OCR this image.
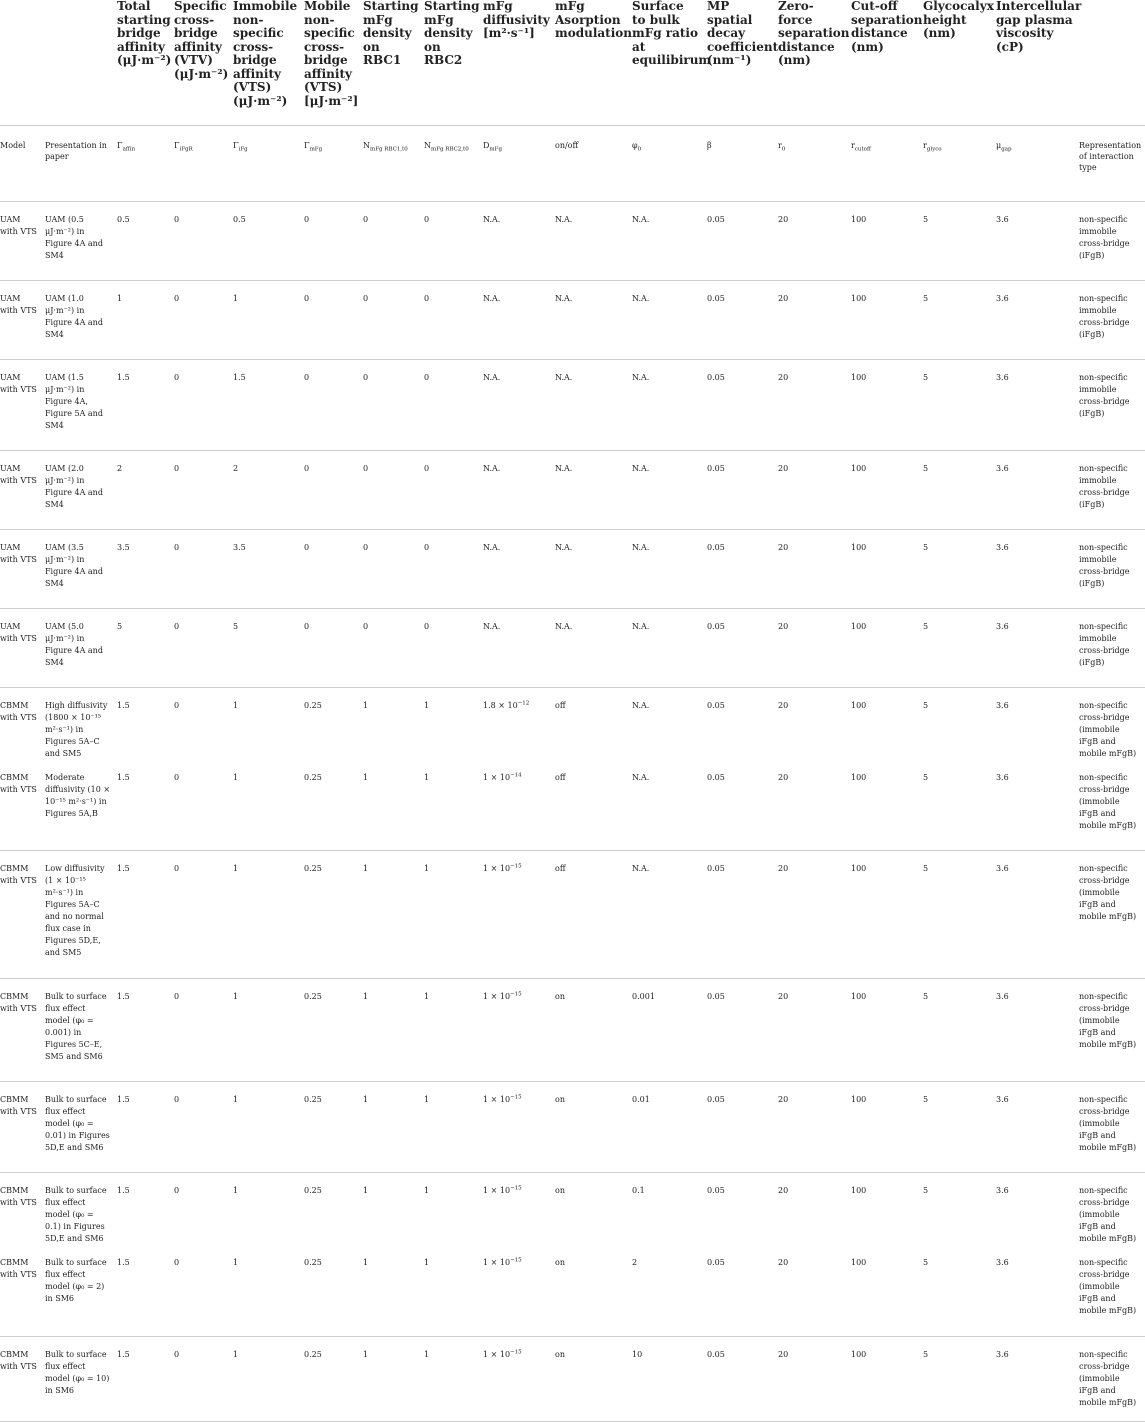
		Total starting bridge affinity (μJ·m⁻²)	Specific cross-bridge affinity (VTV) (μJ·m⁻²)	Immobile non-specific cross-bridge affinity (VTS) (μJ·m⁻²)	Mobile non-specific cross-bridge affinity (VTS) [μJ·m⁻²]	Starting mFg density on RBC1	Starting mFg density on RBC2	mFg diffusivity [m²·s⁻¹]	mFg Asorption modulation	Surface to bulk mFg ratio at equilibirum	MP spatial decay coefficient (nm⁻¹)	Zero-force separation distance (nm)	Cut-off separation distance (nm)	Glycocalyx height (nm)	Intercellular gap plasma viscosity (cP)	
Model	Presentation in paper	$\Gamma_{affin}$	$\Gamma_{iFgR}$	$\Gamma_{iFg}$	$\Gamma_{mFg}$	$N_{mFg RBC1,t0}$	$N_{mFg RBC2,t0}$	$D_{mFg}$	on/off	$\varphi_0$	β	$r_0$	$r_{cutoff}$	$r_{glyco}$	$\mu_{gap}$	Representation of interaction type
UAM with VTS	UAM (0.5 μJ·m⁻²) in Figure 4A and SM4	0.5	0	0.5	0	0	0	N.A.	N.A.	N.A.	0.05	20	100	5	3.6	non-specific immobile cross-bridge (iFgB)
UAM with VTS	UAM (1.0 μJ·m⁻²) in Figure 4A and SM4	1	0	1	0	0	0	N.A.	N.A.	N.A.	0.05	20	100	5	3.6	non-specific immobile cross-bridge (iFgB)
UAM with VTS	UAM (1.5 μJ·m⁻²) in Figure 4A, Figure 5A and SM4	1.5	0	1.5	0	0	0	N.A.	N.A.	N.A.	0.05	20	100	5	3.6	non-specific immobile cross-bridge (iFgB)
UAM with VTS	UAM (2.0 μJ·m⁻²) in Figure 4A and SM4	2	0	2	0	0	0	N.A.	N.A.	N.A.	0.05	20	100	5	3.6	non-specific immobile cross-bridge (iFgB)
UAM with VTS	UAM (3.5 μJ·m⁻²) in Figure 4A and SM4	3.5	0	3.5	0	0	0	N.A.	N.A.	N.A.	0.05	20	100	5	3.6	non-specific immobile cross-bridge (iFgB)
UAM with VTS	UAM (5.0 μJ·m⁻²) in Figure 4A and SM4	5	0	5	0	0	0	N.A.	N.A.	N.A.	0.05	20	100	5	3.6	non-specific immobile cross-bridge (iFgB)
CBMM with VTS	High diffusivity (1800 × 10⁻¹⁵ m²·s⁻¹) in Figures 5A–C and SM5	1.5	0	1	0.25	1	1	$1.8 \times 10^{-12}$	off	N.A.	0.05	20	100	5	3.6	non-specific cross-bridge (immobile iFgB and mobile mFgB)
CBMM with VTS	Moderate diffusivity (10 × 10⁻¹⁵ m²·s⁻¹) in Figures 5A,B	1.5	0	1	0.25	1	1	$1 \times 10^{-14}$	off	N.A.	0.05	20	100	5	3.6	non-specific cross-bridge (immobile iFgB and mobile mFgB)
CBMM with VTS	Low diffusivity (1 × 10⁻¹⁵ m²·s⁻¹) in Figures 5A–C and no normal flux case in Figures 5D,E, and SM5	1.5	0	1	0.25	1	1	$1 \times 10^{-15}$	off	N.A.	0.05	20	100	5	3.6	non-specific cross-bridge (immobile iFgB and mobile mFgB)
CBMM with VTS	Bulk to surface flux effect model (φ₀ = 0.001) in Figures 5C–E, SM5 and SM6	1.5	0	1	0.25	1	1	$1 \times 10^{-15}$	on	0.001	0.05	20	100	5	3.6	non-specific cross-bridge (immobile iFgB and mobile mFgB)
CBMM with VTS	Bulk to surface flux effect model (φ₀ = 0.01) in Figures 5D,E and SM6	1.5	0	1	0.25	1	1	$1 \times 10^{-15}$	on	0.01	0.05	20	100	5	3.6	non-specific cross-bridge (immobile iFgB and mobile mFgB)
CBMM with VTS	Bulk to surface flux effect model (φ₀ = 0.1) in Figures 5D,E and SM6	1.5	0	1	0.25	1	1	$1 \times 10^{-15}$	on	0.1	0.05	20	100	5	3.6	non-specific cross-bridge (immobile iFgB and mobile mFgB)
CBMM with VTS	Bulk to surface flux effect model (φ₀ = 2) in SM6	1.5	0	1	0.25	1	1	$1 \times 10^{-15}$	on	2	0.05	20	100	5	3.6	non-specific cross-bridge (immobile iFgB and mobile mFgB)
CBMM with VTS	Bulk to surface flux effect model (φ₀ = 10) in SM6	1.5	0	1	0.25	1	1	$1 \times 10^{-15}$	on	10	0.05	20	100	5	3.6	non-specific cross-bridge (immobile iFgB and mobile mFgB)
